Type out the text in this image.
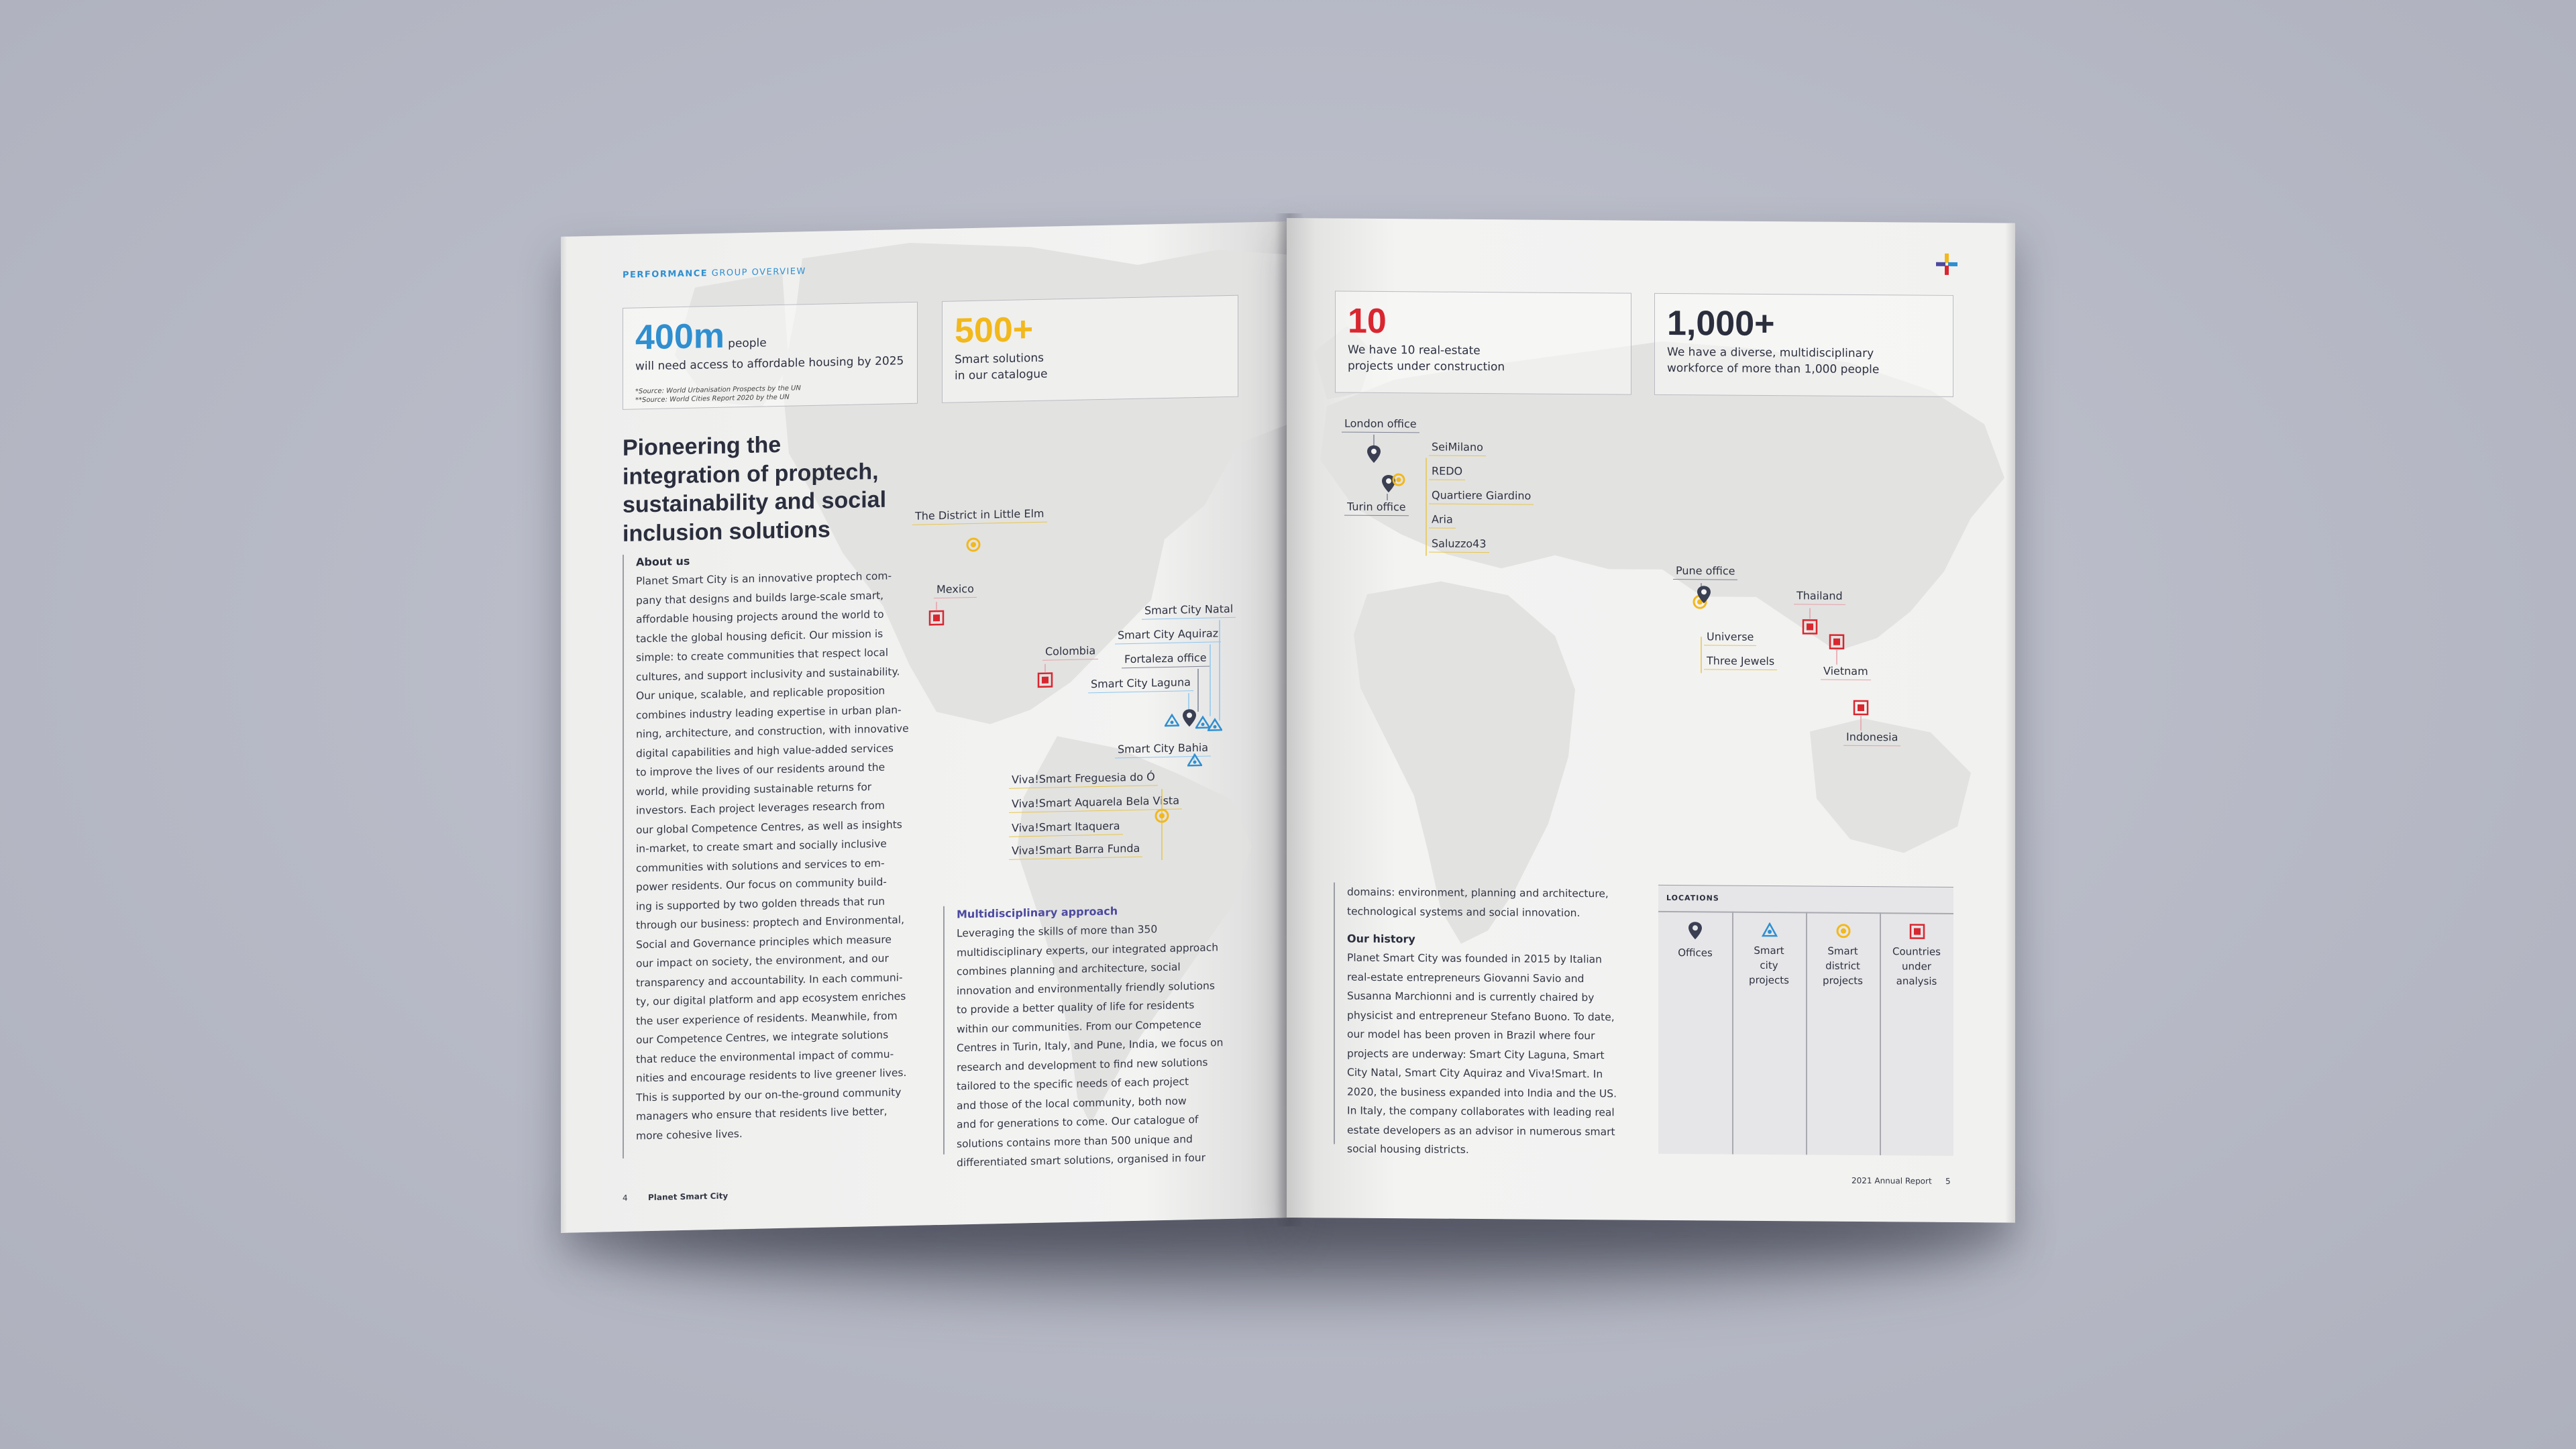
PERFORMANCE GROUP OVERVIEW
400m people
will need access to affordable housing by 2025
*Source: World Urbanisation Prospects by the UN
**Source: World Cities Report 2020 by the UN
500+
Smart solutions
in our catalogue
Pioneering the
integration of proptech,
sustainability and social
inclusion solutions
About us
Planet Smart City is an innovative proptech com-
pany that designs and builds large-scale smart,
affordable housing projects around the world to
tackle the global housing deficit. Our mission is
simple: to create communities that respect local
cultures, and support inclusivity and sustainability.
Our unique, scalable, and replicable proposition
combines industry leading expertise in urban plan-
ning, architecture, and construction, with innovative
digital capabilities and high value-added services
to improve the lives of our residents around the
world, while providing sustainable returns for
investors. Each project leverages research from
our global Competence Centres, as well as insights
in-market, to create smart and socially inclusive
communities with solutions and services to em-
power residents. Our focus on community build-
ing is supported by two golden threads that run
through our business: proptech and Environmental,
Social and Governance principles which measure
our impact on society, the environment, and our
transparency and accountability. In each communi-
ty, our digital platform and app ecosystem enriches
the user experience of residents. Meanwhile, from
our Competence Centres, we integrate solutions
that reduce the environmental impact of commu-
nities and encourage residents to live greener lives.
This is supported by our on-the-ground community
managers who ensure that residents live better,
more cohesive lives.
Multidisciplinary approach
Leveraging the skills of more than 350
multidisciplinary experts, our integrated approach
combines planning and architecture, social
innovation and environmentally friendly solutions
to provide a better quality of life for residents
within our communities. From our Competence
Centres in Turin, Italy, and Pune, India, we focus on
research and development to find new solutions
tailored to the specific needs of each project
and those of the local community, both now
and for generations to come. Our catalogue of
solutions contains more than 500 unique and
differentiated smart solutions, organised in four
The District in Little Elm
Mexico
Colombia
Smart City Natal
Smart City Aquiraz
Fortaleza office
Smart City Laguna
Smart City Bahia
Viva!Smart Freguesia do Ó
Viva!Smart Aquarela Bela Vista
Viva!Smart Itaquera
Viva!Smart Barra Funda
4	Planet Smart City
10
We have 10 real-estate
projects under construction
1,000+
We have a diverse, multidisciplinary
workforce of more than 1,000 people
London office
Turin office
SeiMilano
REDO
Quartiere Giardino
Aria
Saluzzo43
Pune office
Universe
Three Jewels
Thailand
Vietnam
Indonesia
domains: environment, planning and architecture,
technological systems and social innovation.
Our history
Planet Smart City was founded in 2015 by Italian
real-estate entrepreneurs Giovanni Savio and
Susanna Marchionni and is currently chaired by
physicist and entrepreneur Stefano Buono. To date,
our model has been proven in Brazil where four
projects are underway: Smart City Laguna, Smart
City Natal, Smart City Aquiraz and Viva!Smart. In
2020, the business expanded into India and the US.
In Italy, the company collaborates with leading real
estate developers as an advisor in numerous smart
social housing districts.
LOCATIONS
Offices	Smart
city
projects
Smart
district
projects
Countries
under
analysis
2021 Annual Report 5
